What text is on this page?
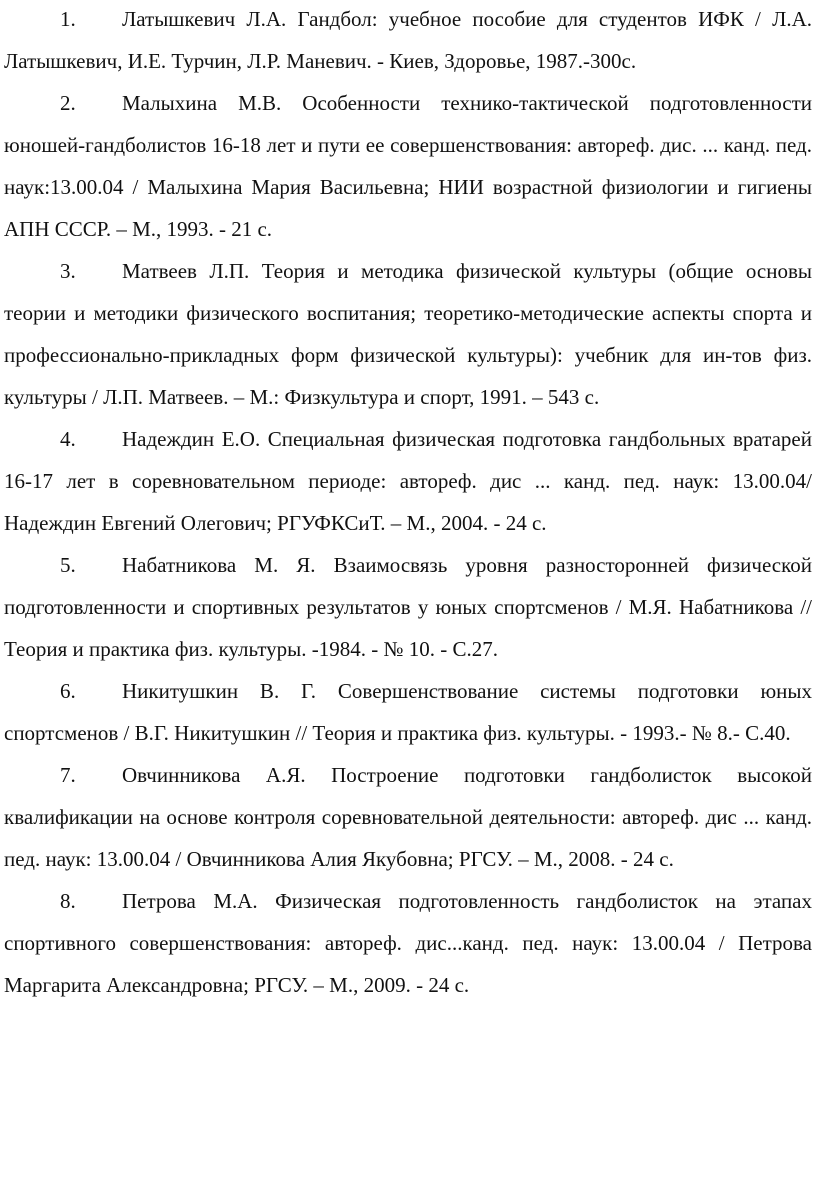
1. Латышкевич Л.А. Гандбол: учебное пособие для студентов ИФК / Л.А. Латышкевич, И.Е. Турчин, Л.Р. Маневич. - Киев, Здоровье, 1987.-300с.
2. Малыхина М.В. Особенности технико-тактической подготовленности юношей-гандболистов 16-18 лет и пути ее совершенствования: автореф. дис. ... канд. пед. наук:13.00.04 / Малыхина Мария Васильевна; НИИ возрастной физиологии и гигиены АПН СССР. – М., 1993. - 21 с.
3. Матвеев Л.П. Теория и методика физической культуры (общие основы теории и методики физического воспитания; теоретико-методические аспекты спорта и профессионально-прикладных форм физической культуры): учебник для ин-тов физ. культуры / Л.П. Матвеев. – М.: Физкультура и спорт, 1991. – 543 с.
4. Надеждин Е.О. Специальная физическая подготовка гандбольных вратарей 16-17 лет в соревновательном периоде: автореф. дис ... канд. пед. наук: 13.00.04/ Надеждин Евгений Олегович; РГУФКСиТ. – М., 2004. - 24 с.
5. Набатникова М. Я. Взаимосвязь уровня разносторонней физической подготовленности и спортивных результатов у юных спортсменов / М.Я. Набатникова // Теория и практика физ. культуры. -1984. - № 10. - С.27.
6. Никитушкин В. Г. Совершенствование системы подготовки юных спортсменов / В.Г. Никитушкин // Теория и практика физ. культуры. - 1993.- № 8.- С.40.
7. Овчинникова А.Я. Построение подготовки гандболисток высокой квалификации на основе контроля соревновательной деятельности: автореф. дис ... канд. пед. наук: 13.00.04 / Овчинникова Алия Якубовна; РГСУ. – М., 2008. - 24 с.
8. Петрова М.А. Физическая подготовленность гандболисток на этапах спортивного совершенствования: автореф. дис...канд. пед. наук: 13.00.04 / Петрова Маргарита Александровна; РГСУ. – М., 2009. - 24 с.
